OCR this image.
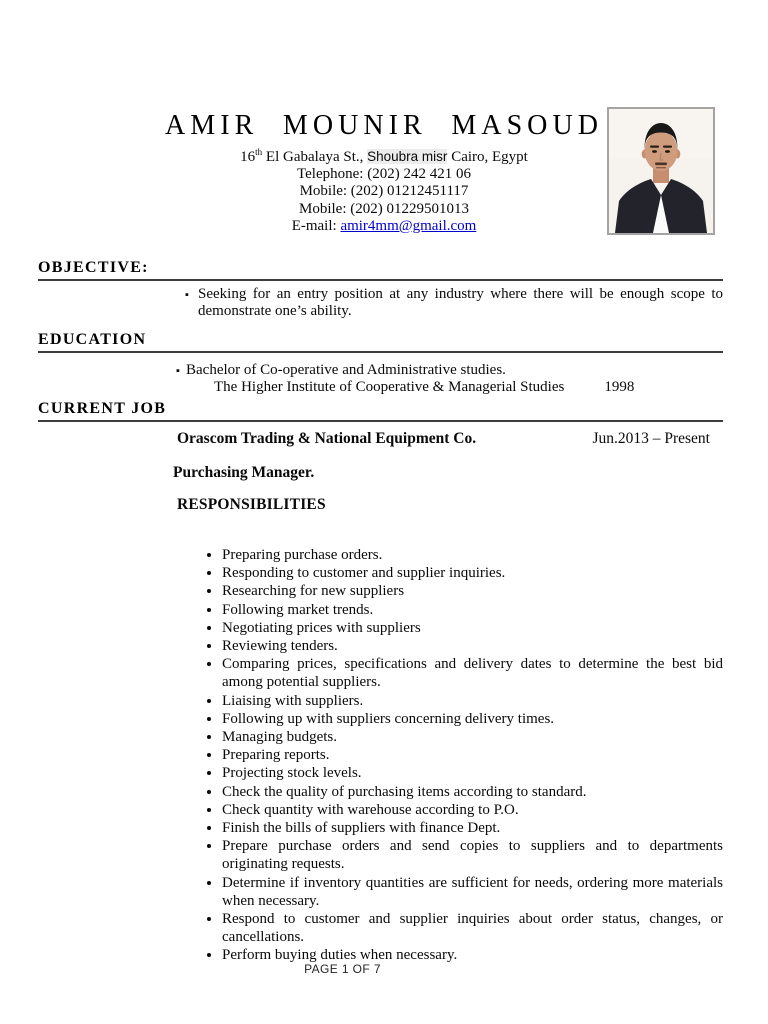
AMIR MOUNIR MASOUD
16th El Gabalaya St., Shoubra misr Cairo, Egypt
Telephone: (202) 242 421 06
Mobile: (202) 01212451117
Mobile: (202) 01229501013
E-mail: amir4mm@gmail.com
OBJECTIVE:
▪ Seeking for an entry position at any industry where there will be enough scope to demonstrate one’s ability.
EDUCATION
▪ Bachelor of Co-operative and Administrative studies.
The Higher Institute of Cooperative & Managerial Studies	1998
CURRENT JOB
Orascom Trading & National Equipment Co.	Jun.2013 – Present
Purchasing Manager.
RESPONSIBILITIES
• Preparing purchase orders.
• Responding to customer and supplier inquiries.
• Researching for new suppliers
• Following market trends.
• Negotiating prices with suppliers
• Reviewing tenders.
• Comparing prices, specifications and delivery dates to determine the best bid among potential suppliers.
• Liaising with suppliers.
• Following up with suppliers concerning delivery times.
• Managing budgets.
• Preparing reports.
• Projecting stock levels.
• Check the quality of purchasing items according to standard.
• Check quantity with warehouse according to P.O.
• Finish the bills of suppliers with finance Dept.
• Prepare purchase orders and send copies to suppliers and to departments originating requests.
• Determine if inventory quantities are sufficient for needs, ordering more materials when necessary.
• Respond to customer and supplier inquiries about order status, changes, or cancellations.
• Perform buying duties when necessary.
PAGE 1 OF 7
